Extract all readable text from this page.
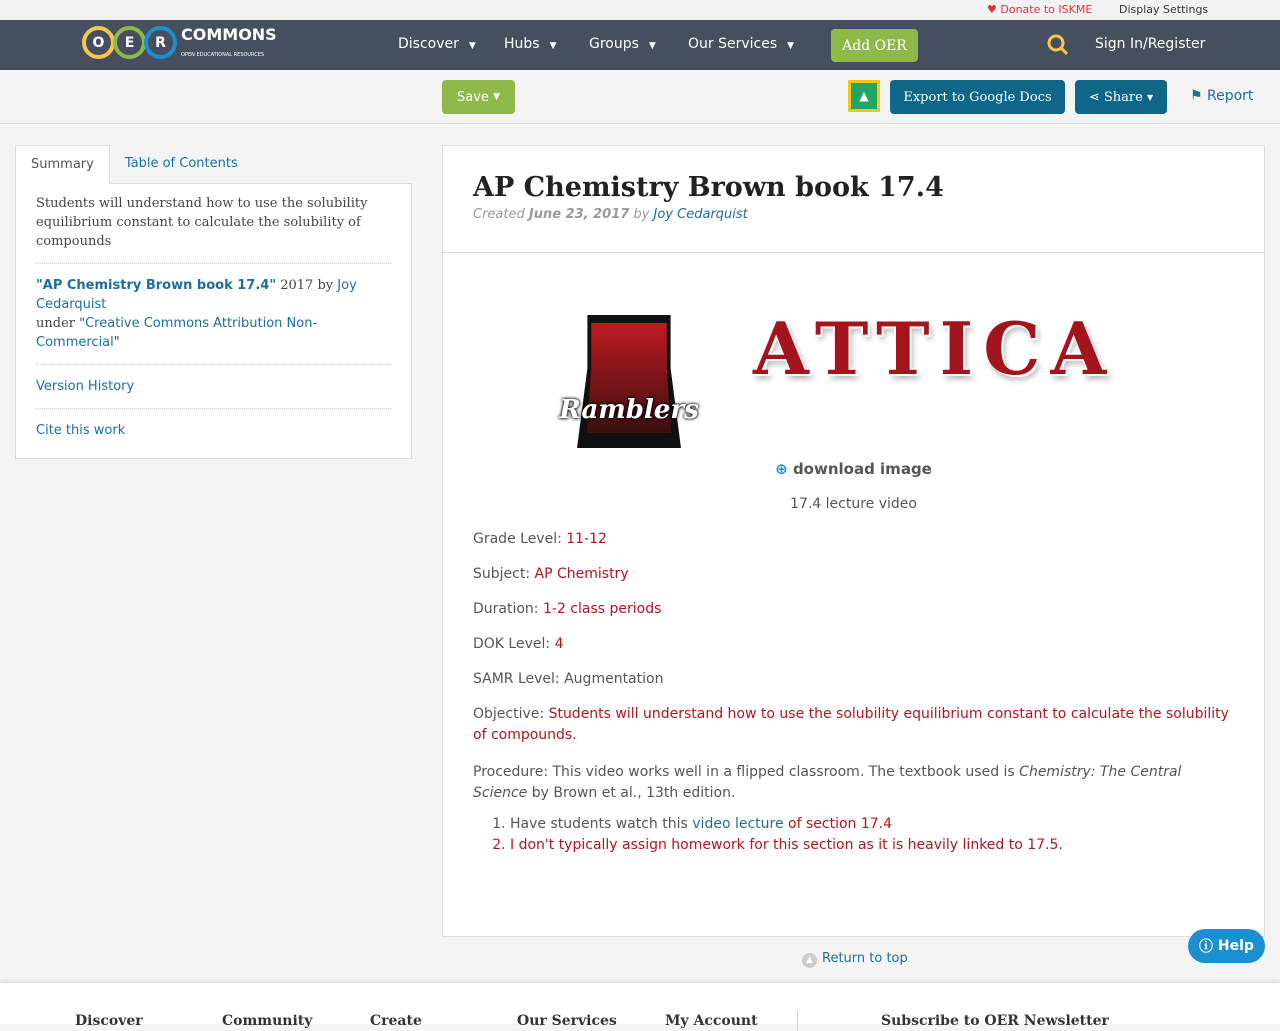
♥ Donate to ISKME Display Settings
O	E	R COMMONS
OPEN EDUCATIONAL RESOURCES
Discover ▼ Hubs ▼ Groups ▼ Our Services ▼	Add OER	Sign In/Register
Save
▼	▲	Export to Google Docs	⋖
Share
▼	⚑ Report
Summary	Table of Contents
Students will understand how to use the solubility equilibrium constant to calculate the solubility of compounds
"AP Chemistry Brown book 17.4" 2017 by Joy Cedarquist
under "Creative Commons Attribution Non-Commercial"
Version History
Cite this work
AP Chemistry Brown book 17.4
Created June 23, 2017 by Joy Cedarquist
Ramblers
ATTICA
⊕ download image
17.4 lecture video
Grade Level: 11-12
Subject: AP Chemistry
Duration: 1-2 class periods
DOK Level: 4
SAMR Level: Augmentation
Objective: Students will understand how to use the solubility equilibrium constant to calculate the solubility of compounds.
Procedure: This video works well in a flipped classroom. The textbook used is Chemistry: The Central Science by Brown et al., 13th edition.
1. Have students watch this video lecture of section 17.4
2. I don't typically assign homework for this section as it is heavily linked to 17.5.
▲ Return to top
ⓘ
Help
Discover	Community	Create	Our Services	My Account	Subscribe to OER Newsletter
